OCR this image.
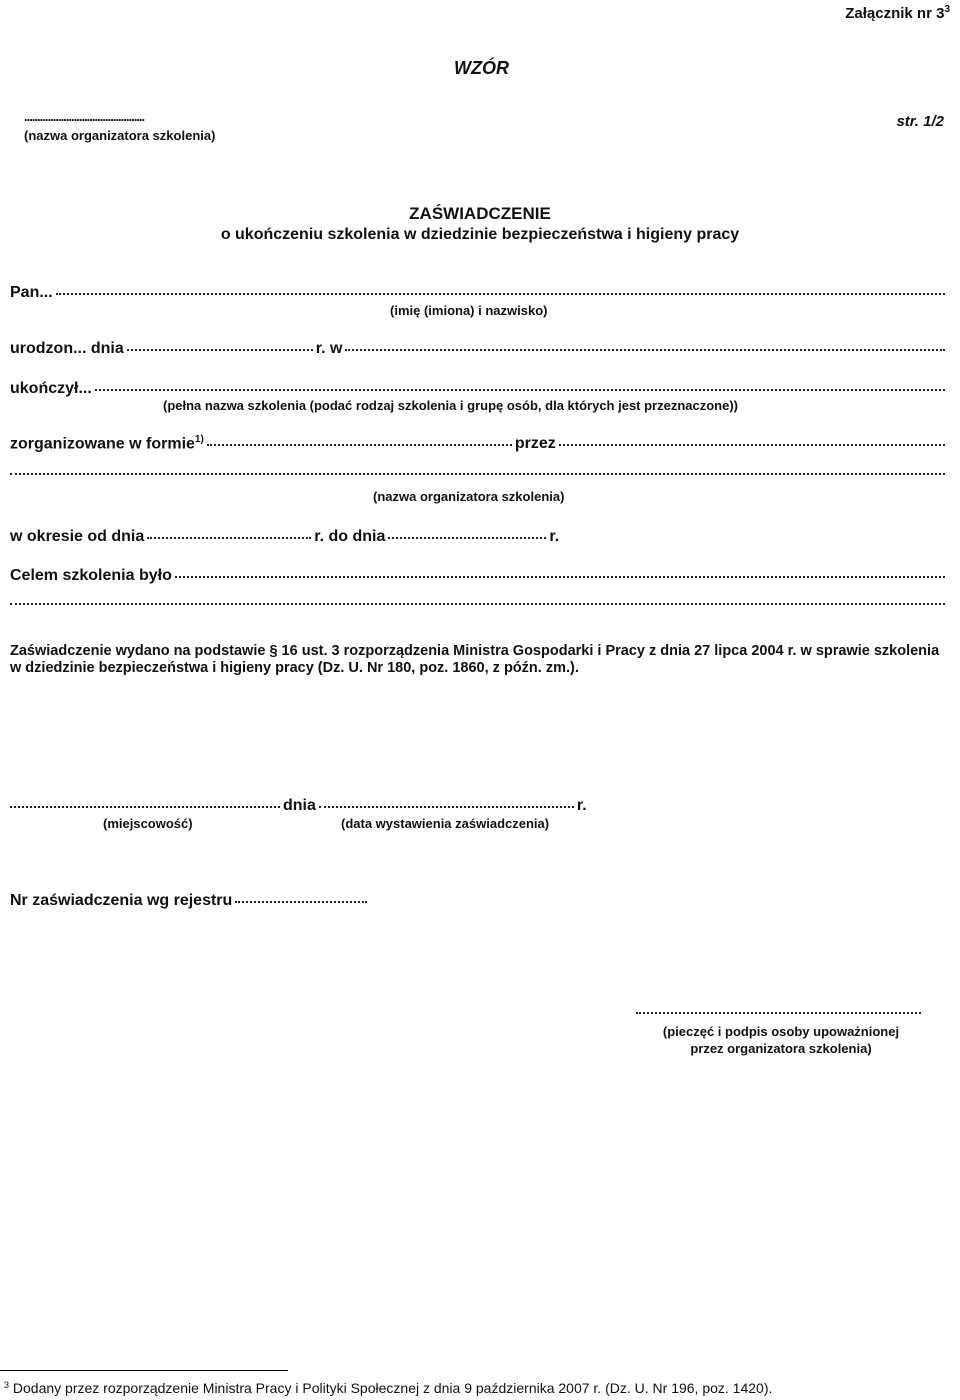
Załącznik nr $3^3$
WZÓR
..............................................
(nazwa organizatora szkolenia)
str. 1/2
ZAŚWIADCZENIE
o ukończeniu szkolenia w dziedzinie bezpieczeństwa i higieny pracy
Pan...
(imię (imiona) i nazwisko)
urodzon... dnia	r. w
ukończył...
(pełna nazwa szkolenia (podać rodzaj szkolenia i grupę osób, dla których jest przeznaczone))
zorganizowane w formie$^{1)}$	przez
(nazwa organizatora szkolenia)
w okresie od dnia	r. do dnia	r.
Celem szkolenia było
Zaświadczenie wydano na podstawie § 16 ust. 3 rozporządzenia Ministra Gospodarki i Pracy z dnia 27 lipca 2004 r. w sprawie szkolenia w dziedzinie bezpieczeństwa i higieny pracy (Dz. U. Nr 180, poz. 1860, z późn. zm.).
dnia	r.
(miejscowość)	(data wystawienia zaświadczenia)
Nr zaświadczenia wg rejestru
(pieczęć i podpis osoby upoważnionej
przez organizatora szkolenia)
$^3$ Dodany przez rozporządzenie Ministra Pracy i Polityki Społecznej z dnia 9 października 2007 r. (Dz. U. Nr 196, poz. 1420).
